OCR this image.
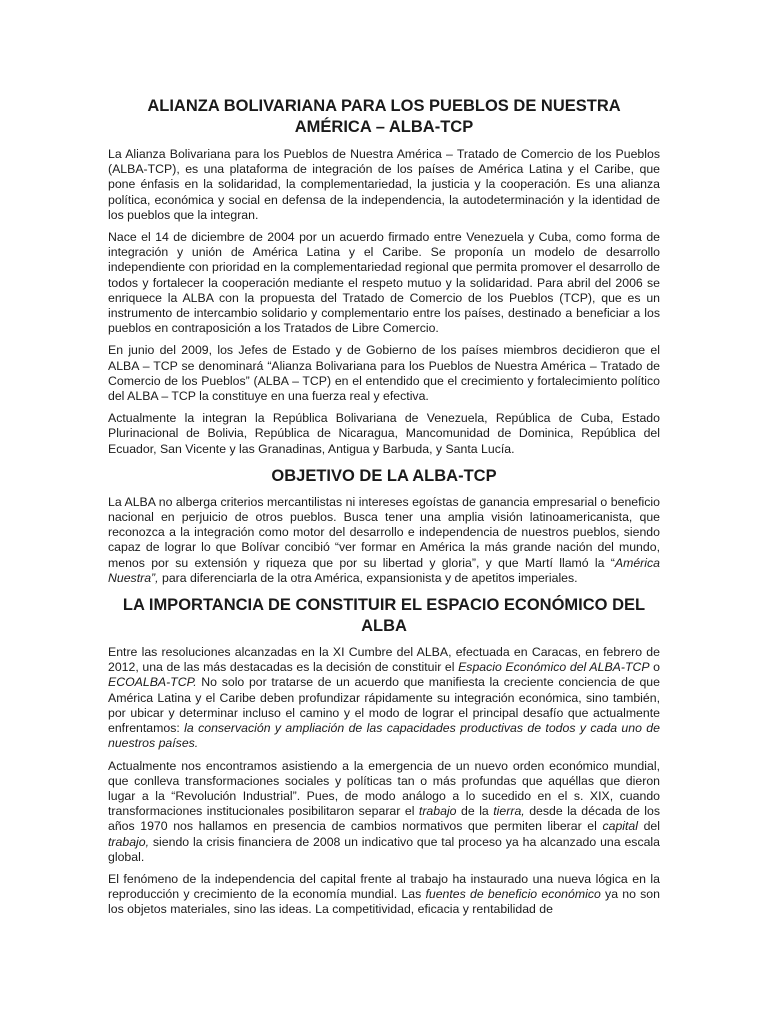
ALIANZA BOLIVARIANA PARA LOS PUEBLOS DE NUESTRA AMÉRICA – ALBA-TCP

La Alianza Bolivariana para los Pueblos de Nuestra América – Tratado de Comercio de los Pueblos (ALBA-TCP), es una plataforma de integración de los países de América Latina y el Caribe, que pone énfasis en la solidaridad, la complementariedad, la justicia y la cooperación. Es una alianza política, económica y social en defensa de la independencia, la autodeterminación y la identidad de los pueblos que la integran.

Nace el 14 de diciembre de 2004 por un acuerdo firmado entre Venezuela y Cuba, como forma de integración y unión de América Latina y el Caribe. Se proponía un modelo de desarrollo independiente con prioridad en la complementariedad regional que permita promover el desarrollo de todos y fortalecer la cooperación mediante el respeto mutuo y la solidaridad. Para abril del 2006 se enriquece la ALBA con la propuesta del Tratado de Comercio de los Pueblos (TCP), que es un instrumento de intercambio solidario y complementario entre los países, destinado a beneficiar a los pueblos en contraposición a los Tratados de Libre Comercio.

En junio del 2009, los Jefes de Estado y de Gobierno de los países miembros decidieron que el ALBA – TCP se denominará “Alianza Bolivariana para los Pueblos de Nuestra América – Tratado de Comercio de los Pueblos” (ALBA – TCP) en el entendido que el crecimiento y fortalecimiento político del ALBA – TCP la constituye en una fuerza real y efectiva.

Actualmente la integran la República Bolivariana de Venezuela, República de Cuba, Estado Plurinacional de Bolivia, República de Nicaragua, Mancomunidad de Dominica, República del Ecuador, San Vicente y las Granadinas, Antigua y Barbuda, y Santa Lucía.

OBJETIVO DE LA ALBA-TCP

La ALBA no alberga criterios mercantilistas ni intereses egoístas de ganancia empresarial o beneficio nacional en perjuicio de otros pueblos. Busca tener una amplia visión latinoamericanista, que reconozca a la integración como motor del desarrollo e independencia de nuestros pueblos, siendo capaz de lograr lo que Bolívar concibió “ver formar en América la más grande nación del mundo, menos por su extensión y riqueza que por su libertad y gloria”, y que Martí llamó la “América Nuestra”, para diferenciarla de la otra América, expansionista y de apetitos imperiales.

LA IMPORTANCIA DE CONSTITUIR EL ESPACIO ECONÓMICO DEL ALBA

Entre las resoluciones alcanzadas en la XI Cumbre del ALBA, efectuada en Caracas, en febrero de 2012, una de las más destacadas es la decisión de constituir el Espacio Económico del ALBA-TCP o ECOALBA-TCP. No solo por tratarse de un acuerdo que manifiesta la creciente conciencia de que América Latina y el Caribe deben profundizar rápidamente su integración económica, sino también, por ubicar y determinar incluso el camino y el modo de lograr el principal desafío que actualmente enfrentamos: la conservación y ampliación de las capacidades productivas de todos y cada uno de nuestros países.

Actualmente nos encontramos asistiendo a la emergencia de un nuevo orden económico mundial, que conlleva transformaciones sociales y políticas tan o más profundas que aquéllas que dieron lugar a la “Revolución Industrial”. Pues, de modo análogo a lo sucedido en el s. XIX, cuando transformaciones institucionales posibilitaron separar el trabajo de la tierra, desde la década de los años 1970 nos hallamos en presencia de cambios normativos que permiten liberar el capital del trabajo, siendo la crisis financiera de 2008 un indicativo que tal proceso ya ha alcanzado una escala global.

El fenómeno de la independencia del capital frente al trabajo ha instaurado una nueva lógica en la reproducción y crecimiento de la economía mundial. Las fuentes de beneficio económico ya no son los objetos materiales, sino las ideas. La competitividad, eficacia y rentabilidad de
